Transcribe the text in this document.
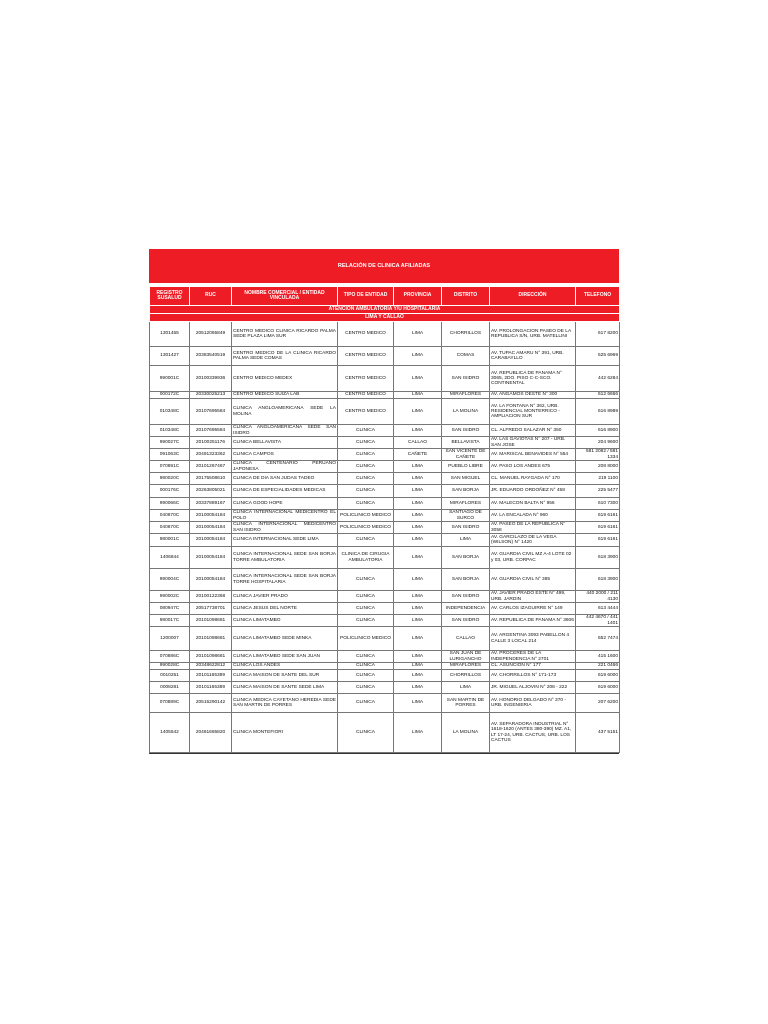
RELACIÓN DE CLINICA AFILIADAS
REGISTRO SUSALUD	RUC	NOMBRE COMERCIAL / ENTIDAD VINCULADA	TIPO DE ENTIDAD	PROVINCIA	DISTRITO	DIRECCIÓN	TELEFONO
ATENCIÓN AMBULATORIA Y/U HOSPITALARIA							
LIMA Y CALLAO							
1301455	20512065849	CENTRO MEDICO CLINICA RICARDO PALMA SEDE PLAZA LIMA SUR	CENTRO MEDICO	LIMA	CHORRILLOS	AV. PROLONGACION PASEO DE LA REPUBLICA S/N, URB. MATELLINI	617 8200
1301427	20383540519	CENTRO MEDICO DE LA CLINICA RICARDO PALMA SEDE COMAS	CENTRO MEDICO	LIMA	COMAS	AV. TUPAC AMARU N° 391, URB. CARABAYLLO	525 6969
990001C	20100339936	CENTRO MEDICO MEDEX	CENTRO MEDICO	LIMA	SAN ISIDRO	AV. REPUBLICA DE PANAMA N° 3065, 2DO. PISO C-C-SCO. CONTINENTAL	442 6284
000172C	20330025213	CENTRO MEDICO SUIZA LAB	CENTRO MEDICO	LIMA	MIRAFLORES	AV. ANGAMOS OESTE N° 300	612 6666
010348C	20107695584	CLINICA ANGLOAMERICANA SEDE LA MOLINA	CENTRO MEDICO	LIMA	LA MOLINA	AV. LA FONTANA N° 362, URB. RESIDENCIAL MONTERRICO - AMPLIACION SUR	616 8989
010348C	20107695584	CLINICA ANGLOAMERICANA SEDE SAN ISIDRO	CLINICA	LIMA	SAN ISIDRO	CL. ALFREDO SALAZAR N° 350	616 8900
990027C	20100251176	CLINICA BELLAVISTA	CLINICA	CALLAO	BELLAVISTA	AV. LAS GAVIOTAS N° 207 - URB. SAN JOSE	204 9600
091063C	20491323362	CLINICA CAMPOS	CLINICA	CAÑETE	SAN VICENTE DE CAÑETE	AV. MARISCAL BENAVIDES N° 554	581 2082 / 581 1334
070891C	20101267467	CLINICA CENTENARIO PERUANO JAPONESA	CLINICA	LIMA	PUEBLO LIBRE	AV. PASO LOS ANDES 675	208 8000
980020C	20175508610	CLINICA DE DIA SAN JUDAS TADEO	CLINICA	LIMA	SAN MIGUEL	CL. MANUEL RAYGADA N° 170	219 1100
000176C	20263805021	CLINICA DE ESPECIALIDADES MEDICAS	CLINICA	LIMA	SAN BORJA	JR. EDUARDO ORDOÑEZ N° 458	225 5477
990066C	20337889167	CLINICA GOOD HOPE	CLINICA	LIMA	MIRAFLORES	AV. MALECON BALTA N° 956	610 7300
040670C	20100054184	CLINICA INTERNACIONAL MEDICENTRO EL POLO	POLICLINICO MEDICO	LIMA	SANTIAGO DE SURCO	AV. LA ENCALADA N° 960	619 6161
040670C	20100054184	CLINICA INTERNACIONAL MEDICENTRO SAN ISIDRO	POLICLINICO MEDICO	LIMA	SAN ISIDRO	AV. PASEO DE LA REPUBLICA N° 3058	619 6161
980001C	20100054184	CLINICA INTERNACIONAL SEDE LIMA	CLINICA	LIMA	LIMA	AV. GARCILAZO DE LA VEGA (WILSON) N° 1420	619 6161
1406844	20100054184	CLINICA INTERNACIONAL SEDE SAN BORJA TORRE AMBULATORIA	CLINICA DE CIRUGIA AMBULATORIA	LIMA	SAN BORJA	AV. GUARDIA CIVIL MZ A-4 LOTE 02 y 03, URB. CORPAC	618 3900
990004C	20100054184	CLINICA INTERNACIONAL SEDE SAN BORJA TORRE HOSPITALARIA	CLINICA	LIMA	SAN BORJA	AV. GUARDIA CIVIL N° 385	618 3900
990002C	20100122368	CLINICA JAVIER PRADO	CLINICA	LIMA	SAN ISIDRO	AV. JAVIER PRADO ESTE N° 499, URB. JARDIN	440 2000 / 211 4130
080947C	20517738701	CLINICA JESUS DEL NORTE	CLINICA	LIMA	INDEPENDENCIA	AV. CARLOS IZAGUIRRE N° 149	613 4444
980017C	20101098681	CLINICA LIMATAMBO	CLINICA	LIMA	SAN ISIDRO	AV. REPUBLICA DE PANAMA N° 3606	442 4670 / 441 1401
1200007	20101098681	CLINICA LIMATAMBO SEDE MINKA	POLICLINICO MEDICO	LIMA	CALLAO	AV. ARGENTINA 3093 PABELLON 4 CALLE 3 LOCAL 214	652 7474
070886C	20101098681	CLINICA LIMATAMBO SEDE SAN JUAN	CLINICA	LIMA	SAN JUAN DE LURIGANCHO	AV. PROCERES DE LA INDEPENDENCIA N° 2701	415 1600
990028C	20348622812	CLINICA LOS ANDES	CLINICA	LIMA	MIRAFLORES	CL. ASUNCION N° 177	221 0466
0010251	20101165389	CLINICA MAISON DE SANTE DEL SUR	CLINICA	LIMA	CHORRILLOS	AV. CHORRILLOS N° 171-173	619 6000
0008281	20101165389	CLINICA MAISON DE SANTE SEDE LIMA	CLINICA	LIMA	LIMA	JR. MIGUEL ALJOVIN N° 208 - 222	619 6000
070889C	20515290142	CLINICA MEDICA CAYETANO HEREDIA SEDE SAN MARTIN DE PORRES	CLINICA	LIMA	SAN MARTIN DE PORRES	AV. HONORIO DELGADO N° 370 - URB. INGENIERIA	207 6200
1405542	20461665820	CLINICA MONTEFIORI	CLINICA	LIMA	LA MOLINA	AV. SEPARADORA INDUSTRIAL N° 1618-1620 (ANTES 380-390) MZ. A1, LT 17-24, URB. CACTUS, URB. LOS CACTUS	437 5151
